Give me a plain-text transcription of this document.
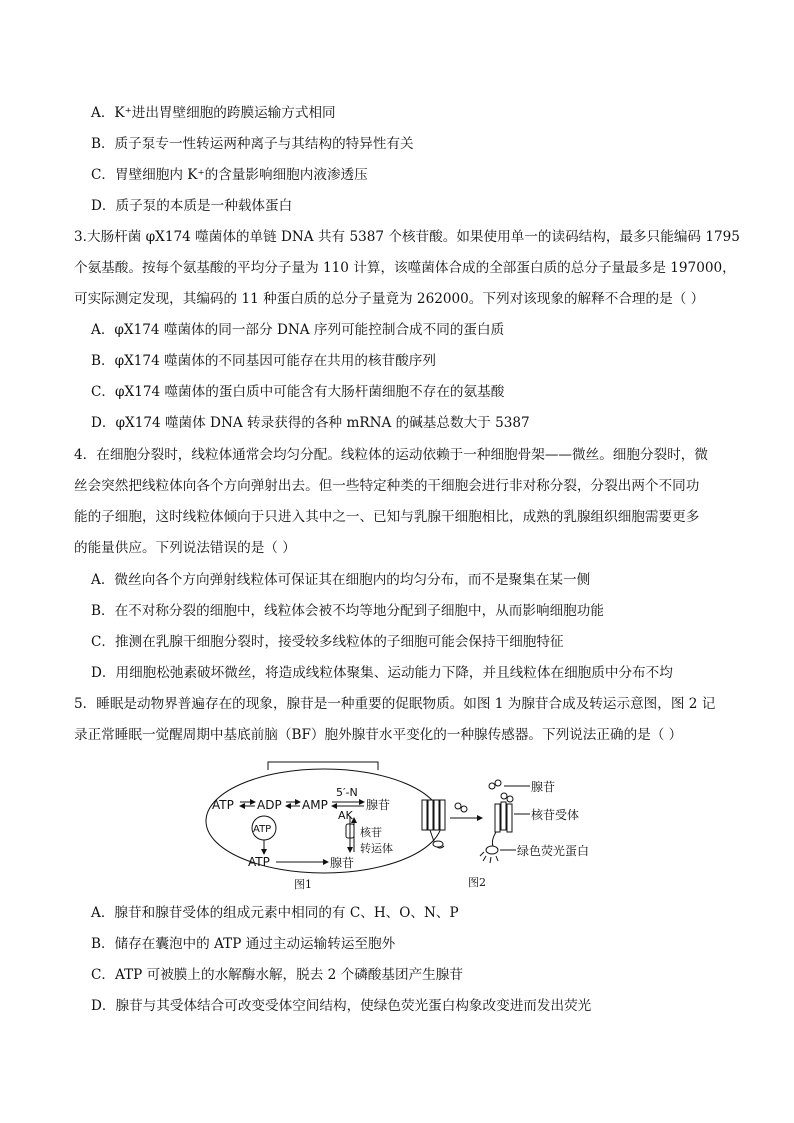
A．K⁺进出胃壁细胞的跨膜运输方式相同
B．质子泵专一性转运两种离子与其结构的特异性有关
C．胃壁细胞内 K⁺的含量影响细胞内液渗透压
D．质子泵的本质是一种载体蛋白
3.大肠杆菌 φX174 噬菌体的单链 DNA 共有 5387 个核苷酸。如果使用单一的读码结构，最多只能编码 1795
个氨基酸。按每个氨基酸的平均分子量为 110 计算，该噬菌体合成的全部蛋白质的总分子量最多是 197000，
可实际测定发现，其编码的 11 种蛋白质的总分子量竟为 262000。下列对该现象的解释不合理的是（ ）
A．φX174 噬菌体的同一部分 DNA 序列可能控制合成不同的蛋白质
B．φX174 噬菌体的不同基因可能存在共用的核苷酸序列
C．φX174 噬菌体的蛋白质中可能含有大肠杆菌细胞不存在的氨基酸
D．φX174 噬菌体 DNA 转录获得的各种 mRNA 的碱基总数大于 5387
4．在细胞分裂时，线粒体通常会均匀分配。线粒体的运动依赖于一种细胞骨架——微丝。细胞分裂时，微
丝会突然把线粒体向各个方向弹射出去。但一些特定种类的干细胞会进行非对称分裂，分裂出两个不同功
能的子细胞，这时线粒体倾向于只进入其中之一、已知与乳腺干细胞相比，成熟的乳腺组织细胞需要更多
的能量供应。下列说法错误的是（ ）
A．微丝向各个方向弹射线粒体可保证其在细胞内的均匀分布，而不是聚集在某一侧
B．在不对称分裂的细胞中，线粒体会被不均等地分配到子细胞中，从而影响细胞功能
C．推测在乳腺干细胞分裂时，接受较多线粒体的子细胞可能会保持干细胞特征
D．用细胞松弛素破坏微丝，将造成线粒体聚集、运动能力下降，并且线粒体在细胞质中分布不均
5．睡眠是动物界普遍存在的现象，腺苷是一种重要的促眠物质。如图 1 为腺苷合成及转运示意图，图 2 记
录正常睡眠一觉醒周期中基底前脑（BF）胞外腺苷水平变化的一种腺传感器。下列说法正确的是（ ）
ATP ADP AMP
5′-N
AK
腺苷
ATP	核苷
转运体
ATP	腺苷
图1
腺苷
核苷受体
绿色荧光蛋白
图2
A．腺苷和腺苷受体的组成元素中相同的有 C、H、O、N、P
B．储存在囊泡中的 ATP 通过主动运输转运至胞外
C．ATP 可被膜上的水解酶水解，脱去 2 个磷酸基团产生腺苷
D．腺苷与其受体结合可改变受体空间结构，使绿色荧光蛋白构象改变进而发出荧光
